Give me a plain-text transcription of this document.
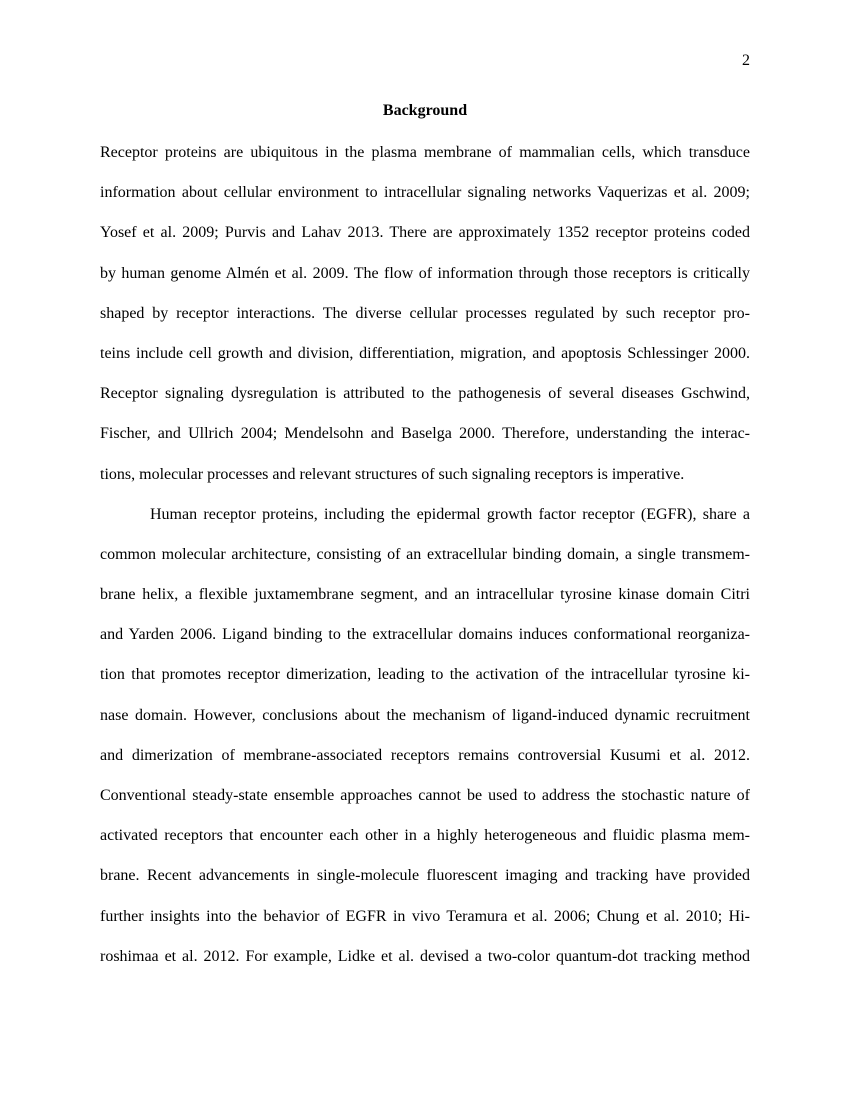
2
Background

Receptor proteins are ubiquitous in the plasma membrane of mammalian cells, which transduce
information about cellular environment to intracellular signaling networks Vaquerizas et al. 2009;
Yosef et al. 2009; Purvis and Lahav 2013. There are approximately 1352 receptor proteins coded
by human genome Almén et al. 2009. The flow of information through those receptors is critically
shaped by receptor interactions. The diverse cellular processes regulated by such receptor pro-
teins include cell growth and division, differentiation, migration, and apoptosis Schlessinger 2000.
Receptor signaling dysregulation is attributed to the pathogenesis of several diseases Gschwind,
Fischer, and Ullrich 2004; Mendelsohn and Baselga 2000. Therefore, understanding the interac-
tions, molecular processes and relevant structures of such signaling receptors is imperative.

Human receptor proteins, including the epidermal growth factor receptor (EGFR), share a
common molecular architecture, consisting of an extracellular binding domain, a single transmem-
brane helix, a flexible juxtamembrane segment, and an intracellular tyrosine kinase domain Citri
and Yarden 2006. Ligand binding to the extracellular domains induces conformational reorganiza-
tion that promotes receptor dimerization, leading to the activation of the intracellular tyrosine ki-
nase domain. However, conclusions about the mechanism of ligand-induced dynamic recruitment
and dimerization of membrane-associated receptors remains controversial Kusumi et al. 2012.
Conventional steady-state ensemble approaches cannot be used to address the stochastic nature of
activated receptors that encounter each other in a highly heterogeneous and fluidic plasma mem-
brane. Recent advancements in single-molecule fluorescent imaging and tracking have provided
further insights into the behavior of EGFR in vivo Teramura et al. 2006; Chung et al. 2010; Hi-
roshimaa et al. 2012. For example, Lidke et al. devised a two-color quantum-dot tracking method
